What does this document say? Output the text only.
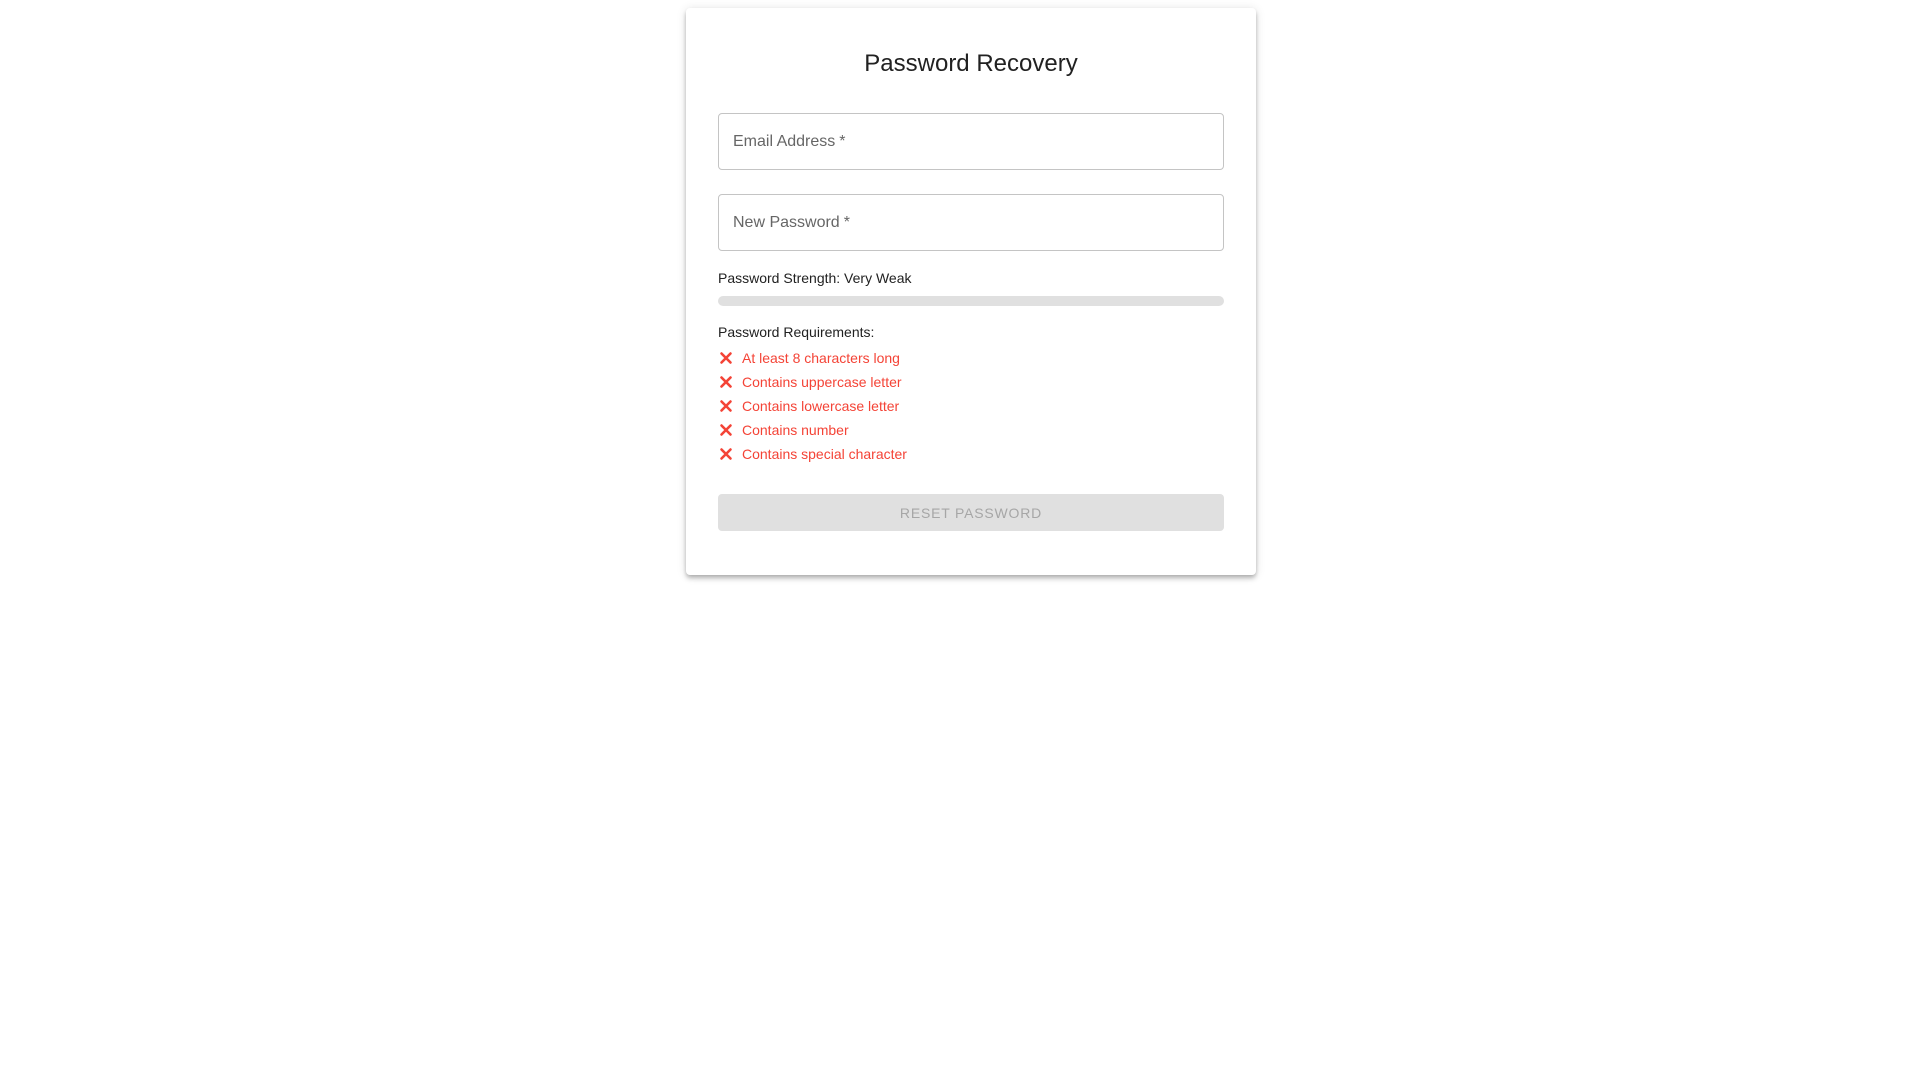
Password Recovery
Email Address *
New Password *
Password Strength: Very Weak
Password Requirements:
At least 8 characters long
Contains uppercase letter
Contains lowercase letter
Contains number
Contains special character
RESET PASSWORD
